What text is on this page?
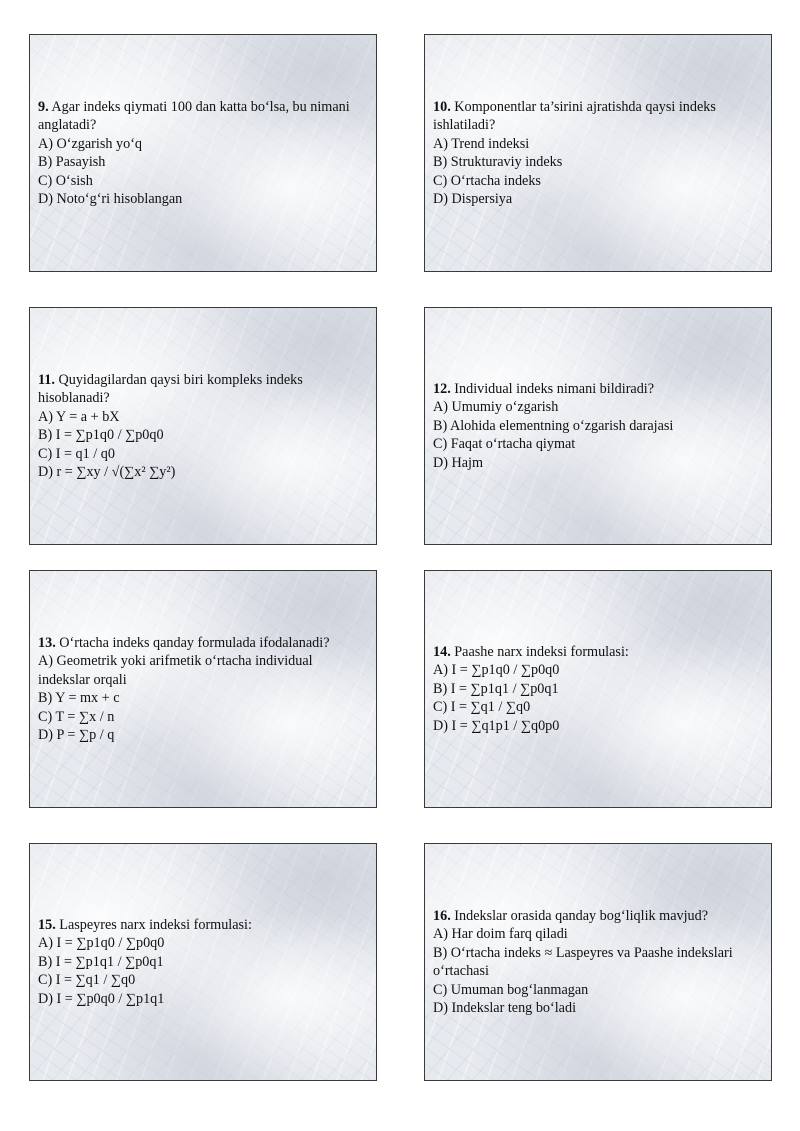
9. Agar indeks qiymati 100 dan katta bo‘lsa, bu nimani anglatadi?

A) O‘zgarish yo‘q

B) Pasayish

C) O‘sish

D) Noto‘g‘ri hisoblangan

10. Komponentlar ta’sirini ajratishda qaysi indeks ishlatiladi?

A) Trend indeksi

B) Strukturaviy indeks

C) O‘rtacha indeks

D) Dispersiya

11. Quyidagilardan qaysi biri kompleks indeks hisoblanadi?

A) Y = a + bX

B) I = ∑p1q0 / ∑p0q0

C) I = q1 / q0

D) r = ∑xy / √(∑x² ∑y²)

12. Individual indeks nimani bildiradi?

A) Umumiy o‘zgarish

B) Alohida elementning o‘zgarish darajasi

C) Faqat o‘rtacha qiymat

D) Hajm

13. O‘rtacha indeks qanday formulada ifodalanadi?

A) Geometrik yoki arifmetik o‘rtacha individual indekslar orqali

B) Y = mx + c

C) T = ∑x / n

D) P = ∑p / q

14. Paashe narx indeksi formulasi:

A) I = ∑p1q0 / ∑p0q0

B) I = ∑p1q1 / ∑p0q1

C) I = ∑q1 / ∑q0

D) I = ∑q1p1 / ∑q0p0

15. Laspeyres narx indeksi formulasi:

A) I = ∑p1q0 / ∑p0q0

B) I = ∑p1q1 / ∑p0q1

C) I = ∑q1 / ∑q0

D) I = ∑p0q0 / ∑p1q1

16. Indekslar orasida qanday bog‘liqlik mavjud?

A) Har doim farq qiladi

B) O‘rtacha indeks ≈ Laspeyres va Paashe indekslari o‘rtachasi

C) Umuman bog‘lanmagan

D) Indekslar teng bo‘ladi
